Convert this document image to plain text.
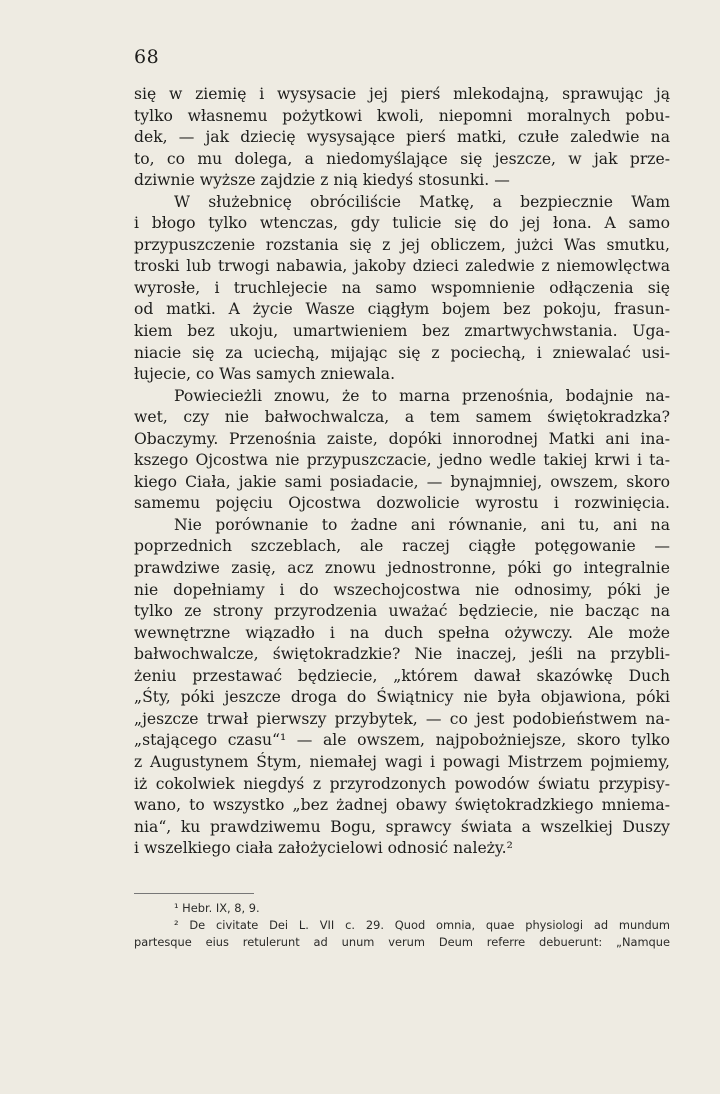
68
się w ziemię i wysysacie jej pierś mlekodajną, sprawując ją
tylko własnemu pożytkowi kwoli, niepomni moralnych pobu-
dek, — jak dziecię wysysające pierś matki, czułe zaledwie na
to, co mu dolega, a niedomyślające się jeszcze, w jak prze-
dziwnie wyższe zajdzie z nią kiedyś stosunki. —
W służebnicę obróciliście Matkę, a bezpiecznie Wam
i błogo tylko wtenczas, gdy tulicie się do jej łona. A samo
przypuszczenie rozstania się z jej obliczem, jużci Was smutku,
troski lub trwogi nabawia, jakoby dzieci zaledwie z niemowlęctwa
wyrosłe, i truchlejecie na samo wspomnienie odłączenia się
od matki. A życie Wasze ciągłym bojem bez pokoju, frasun-
kiem bez ukoju, umartwieniem bez zmartwychwstania. Uga-
niacie się za uciechą, mijając się z pociechą, i zniewalać usi-
łujecie, co Was samych zniewala.
Powiecieżli znowu, że to marna przenośnia, bodajnie na-
wet, czy nie bałwochwalcza, a tem samem świętokradzka?
Obaczymy. Przenośnia zaiste, dopóki innorodnej Matki ani ina-
kszego Ojcostwa nie przypuszczacie, jedno wedle takiej krwi i ta-
kiego Ciała, jakie sami posiadacie, — bynajmniej, owszem, skoro
samemu pojęciu Ojcostwa dozwolicie wyrostu i rozwinięcia.
Nie porównanie to żadne ani równanie, ani tu, ani na
poprzednich szczeblach, ale raczej ciągłe potęgowanie —
prawdziwe zasię, acz znowu jednostronne, póki go integralnie
nie dopełniamy i do wszechojcostwa nie odnosimy, póki je
tylko ze strony przyrodzenia uważać będziecie, nie bacząc na
wewnętrzne wiązadło i na duch spełna ożywczy. Ale może
bałwochwalcze, świętokradzkie? Nie inaczej, jeśli na przybli-
żeniu przestawać będziecie, „którem dawał skazówkę Duch
„Śty, póki jeszcze droga do Świątnicy nie była objawiona, póki
„jeszcze trwał pierwszy przybytek, — co jest podobieństwem na-
„stającego czasu“¹ — ale owszem, najpobożniejsze, skoro tylko
z Augustynem Śtym, niemałej wagi i powagi Mistrzem pojmiemy,
iż cokolwiek niegdyś z przyrodzonych powodów światu przypisy-
wano, to wszystko „bez żadnej obawy świętokradzkiego mniema-
nia“, ku prawdziwemu Bogu, sprawcy świata a wszelkiej Duszy
i wszelkiego ciała założycielowi odnosić należy.²
¹ Hebr. IX, 8, 9.
² De civitate Dei L. VII c. 29. Quod omnia, quae physiologi ad mundum
partesque eius retulerunt ad unum verum Deum referre debuerunt: „Namque
